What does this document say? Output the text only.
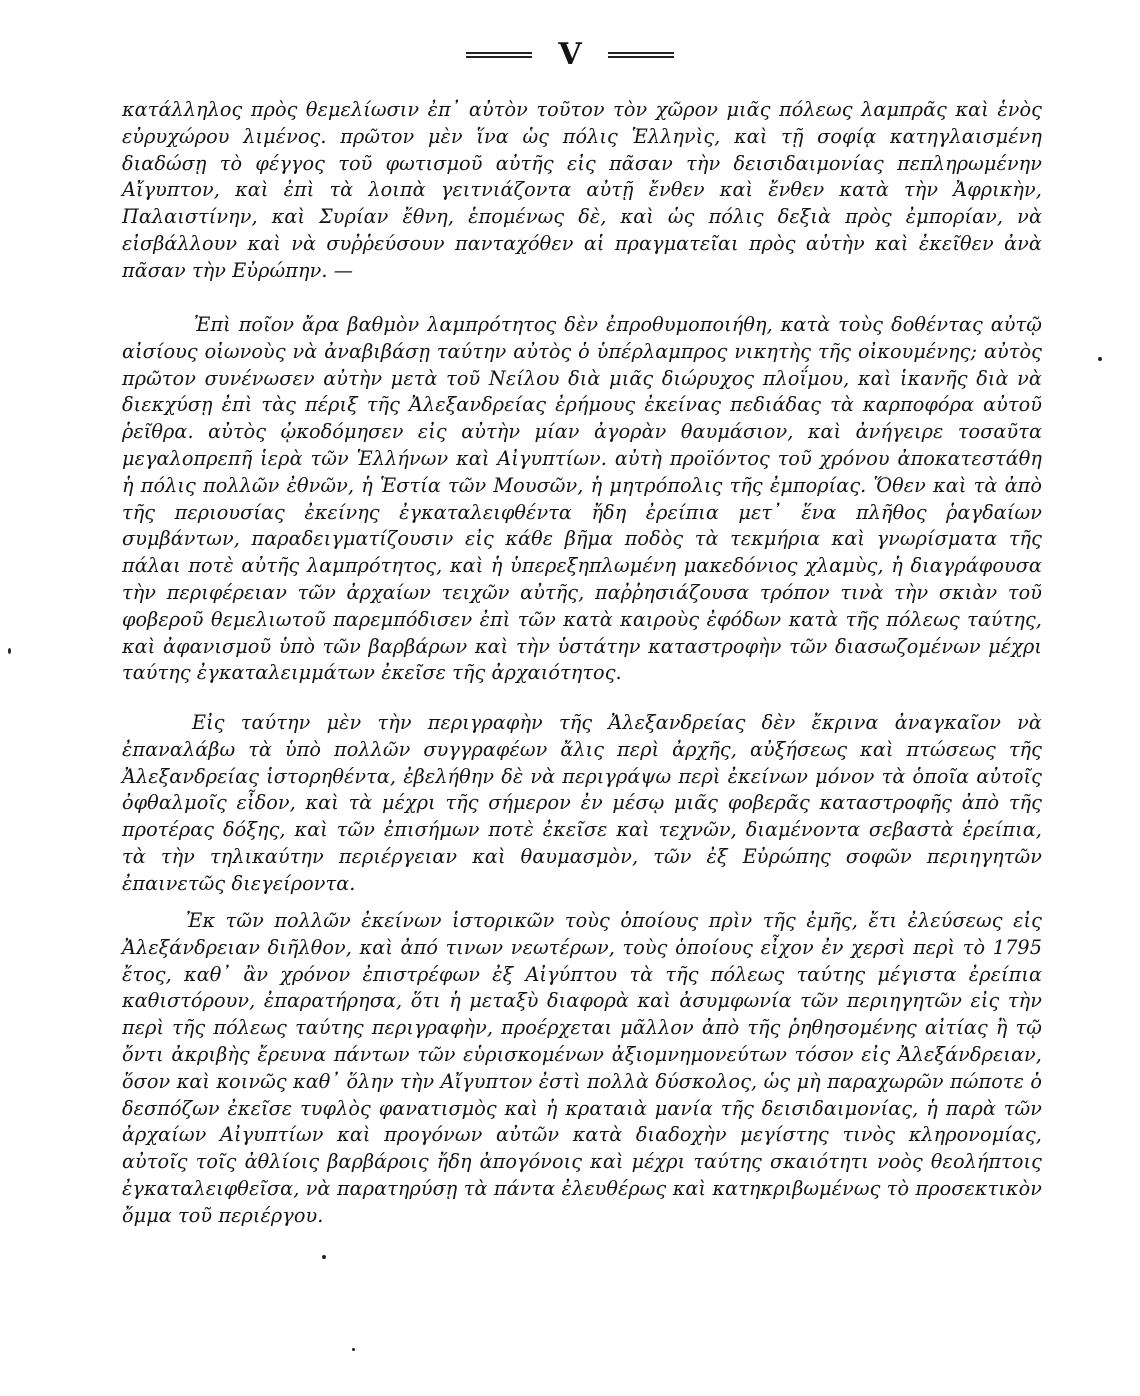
V

κατάλληλος πρὸς θεμελίωσιν ἐπ᾽ αὐτὸν τοῦτον τὸν χῶρον μιᾶς πόλεως λαμπρᾶς καὶ ἑνὸς εὐρυχώρου λιμένος. πρῶτον μὲν ἵνα ὡς πόλις Ἑλληνὶς, καὶ τῇ σοφίᾳ κατηγλαισμένη διαδώσῃ τὸ φέγγος τοῦ φωτισμοῦ αὐτῆς εἰς πᾶσαν τὴν δεισιδαιμονίας πεπληρωμένην Αἴγυπτον, καὶ ἐπὶ τὰ λοιπὰ γειτνιάζοντα αὐτῇ ἔνθεν καὶ ἔνθεν κατὰ τὴν Ἀφρικὴν, Παλαιστίνην, καὶ Συρίαν ἔθνη, ἑπομένως δὲ, καὶ ὡς πόλις δεξιὰ πρὸς ἐμπορίαν, νὰ εἰσβάλλουν καὶ νὰ συῤῥεύσουν πανταχόθεν αἱ πραγματεῖαι πρὸς αὐτὴν καὶ ἐκεῖθεν ἀνὰ πᾶσαν τὴν Εὐρώπην. —

Ἐπὶ ποῖον ἄρα βαθμὸν λαμπρότητος δὲν ἐπροθυμοποιήθη, κατὰ τοὺς δοθέντας αὐτῷ αἰσίους οἰωνοὺς νὰ ἀναβιβάσῃ ταύτην αὐτὸς ὁ ὑπέρλαμπρος νικητὴς τῆς οἰκουμένης; αὐτὸς πρῶτον συνένωσεν αὐτὴν μετὰ τοῦ Νείλου διὰ μιᾶς διώρυχος πλοΐμου, καὶ ἱκανῆς διὰ νὰ διεκχύσῃ ἐπὶ τὰς πέριξ τῆς Ἀλεξανδρείας ἐρήμους ἐκείνας πεδιάδας τὰ καρποφόρα αὐτοῦ ῥεῖθρα. αὐτὸς ᾠκοδόμησεν εἰς αὐτὴν μίαν ἀγορὰν θαυμάσιον, καὶ ἀνήγειρε τοσαῦτα μεγαλοπρεπῆ ἱερὰ τῶν Ἑλλήνων καὶ Αἰγυπτίων. αὐτὴ προϊόντος τοῦ χρόνου ἀποκατεστάθη ἡ πόλις πολλῶν ἐθνῶν, ἡ Ἑστία τῶν Μουσῶν, ἡ μητρόπολις τῆς ἐμπορίας. Ὅθεν καὶ τὰ ἀπὸ τῆς περιουσίας ἐκείνης ἐγκαταλειφθέντα ἤδη ἐρείπια μετ᾽ ἕνα πλῆθος ῥαγδαίων συμβάντων, παραδειγματίζουσιν εἰς κάθε βῆμα ποδὸς τὰ τεκμήρια καὶ γνωρίσματα τῆς πάλαι ποτὲ αὐτῆς λαμπρότητος, καὶ ἡ ὑπερεξηπλωμένη μακεδόνιος χλαμὺς, ἡ διαγράφουσα τὴν περιφέρειαν τῶν ἀρχαίων τειχῶν αὐτῆς, παῤῥησιάζουσα τρόπον τινὰ τὴν σκιὰν τοῦ φοβεροῦ θεμελιωτοῦ παρεμπόδισεν ἐπὶ τῶν κατὰ καιροὺς ἐφόδων κατὰ τῆς πόλεως ταύτης, καὶ ἀφανισμοῦ ὑπὸ τῶν βαρβάρων καὶ τὴν ὑστάτην καταστροφὴν τῶν διασωζομένων μέχρι ταύτης ἐγκαταλειμμάτων ἐκεῖσε τῆς ἀρχαιότητος.

Εἰς ταύτην μὲν τὴν περιγραφὴν τῆς Ἀλεξανδρείας δὲν ἔκρινα ἀναγκαῖον νὰ ἐπαναλάβω τὰ ὑπὸ πολλῶν συγγραφέων ἄλις περὶ ἀρχῆς, αὐξήσεως καὶ πτώσεως τῆς Ἀλεξανδρείας ἱστορηθέντα, ἐβελήθην δὲ νὰ περιγράψω περὶ ἐκείνων μόνον τὰ ὁποῖα αὐτοῖς ὀφθαλμοῖς εἶδον, καὶ τὰ μέχρι τῆς σήμερον ἐν μέσῳ μιᾶς φοβερᾶς καταστροφῆς ἀπὸ τῆς προτέρας δόξης, καὶ τῶν ἐπισήμων ποτὲ ἐκεῖσε καὶ τεχνῶν, διαμένοντα σεβαστὰ ἐρείπια, τὰ τὴν τηλικαύτην περιέργειαν καὶ θαυμασμὸν, τῶν ἐξ Εὐρώπης σοφῶν περιηγητῶν ἐπαινετῶς διεγείροντα.

Ἐκ τῶν πολλῶν ἐκείνων ἱστορικῶν τοὺς ὁποίους πρὶν τῆς ἐμῆς, ἔτι ἐλεύσεως εἰς Ἀλεξάνδρειαν διῆλθον, καὶ ἀπό τινων νεωτέρων, τοὺς ὁποίους εἶχον ἐν χερσὶ περὶ τὸ 1795 ἔτος, καθ᾽ ἂν χρόνον ἐπιστρέφων ἐξ Αἰγύπτου τὰ τῆς πόλεως ταύτης μέγιστα ἐρείπια καθιστόρουν, ἐπαρατήρησα, ὅτι ἡ μεταξὺ διαφορὰ καὶ ἀσυμφωνία τῶν περιηγητῶν εἰς τὴν περὶ τῆς πόλεως ταύτης περιγραφὴν, προέρχεται μᾶλλον ἀπὸ τῆς ῥηθησομένης αἰτίας ἢ τῷ ὄντι ἀκριβὴς ἔρευνα πάντων τῶν εὑρισκομένων ἀξιομνημονεύτων τόσον εἰς Ἀλεξάνδρειαν, ὅσον καὶ κοινῶς καθ᾽ ὅλην τὴν Αἴγυπτον ἐστὶ πολλὰ δύσκολος, ὡς μὴ παραχωρῶν πώποτε ὁ δεσπόζων ἐκεῖσε τυφλὸς φανατισμὸς καὶ ἡ κραταιὰ μανία τῆς δεισιδαιμονίας, ἡ παρὰ τῶν ἀρχαίων Αἰγυπτίων καὶ προγόνων αὐτῶν κατὰ διαδοχὴν μεγίστης τινὸς κληρονομίας, αὐτοῖς τοῖς ἀθλίοις βαρβάροις ἤδη ἀπογόνοις καὶ μέχρι ταύτης σκαιότητι νοὸς θεολήπτοις ἐγκαταλειφθεῖσα, νὰ παρατηρύσῃ τὰ πάντα ἐλευθέρως καὶ κατηκριβωμένως τὸ προσεκτικὸν ὄμμα τοῦ περιέργου.
